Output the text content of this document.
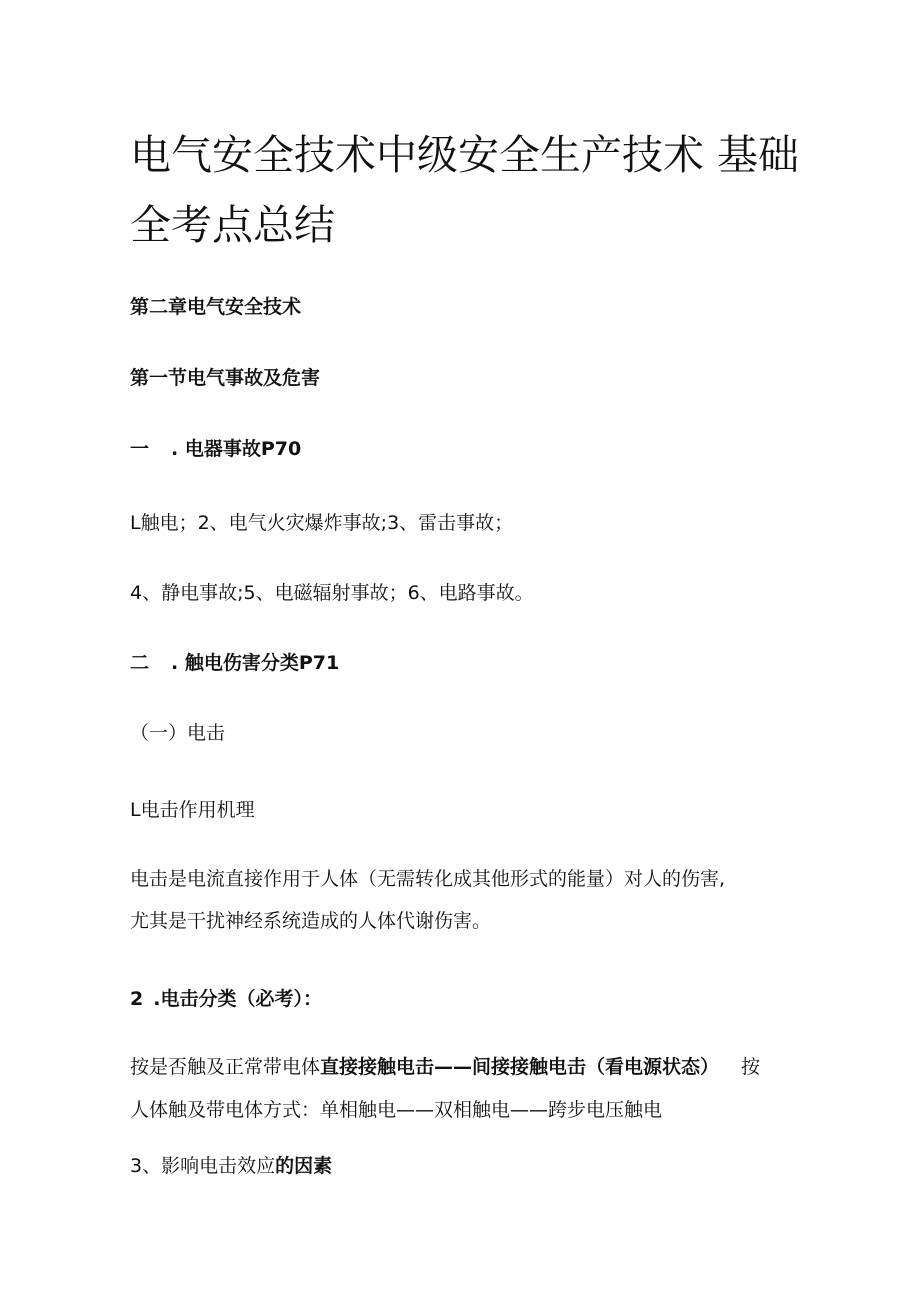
电气安全技术中级安全生产技术 基础全考点总结

第二章电气安全技术

第一节电气事故及危害

一 . 电器事故P70

L触电；2、电气火灾爆炸事故;3、雷击事故；

4、静电事故;5、电磁辐射事故；6、电路事故。

二 . 触电伤害分类P71

（一）电击

L电击作用机理

电击是电流直接作用于人体（无需转化成其他形式的能量）对人的伤害,

尤其是干扰神经系统造成的人体代谢伤害。

2 .电击分类（必考）：

按是否触及正常带电体直接接触电击——间接接触电击（看电源状态） 按

人体触及带电体方式：单相触电——双相触电——跨步电压触电

3、影响电击效应的因素
